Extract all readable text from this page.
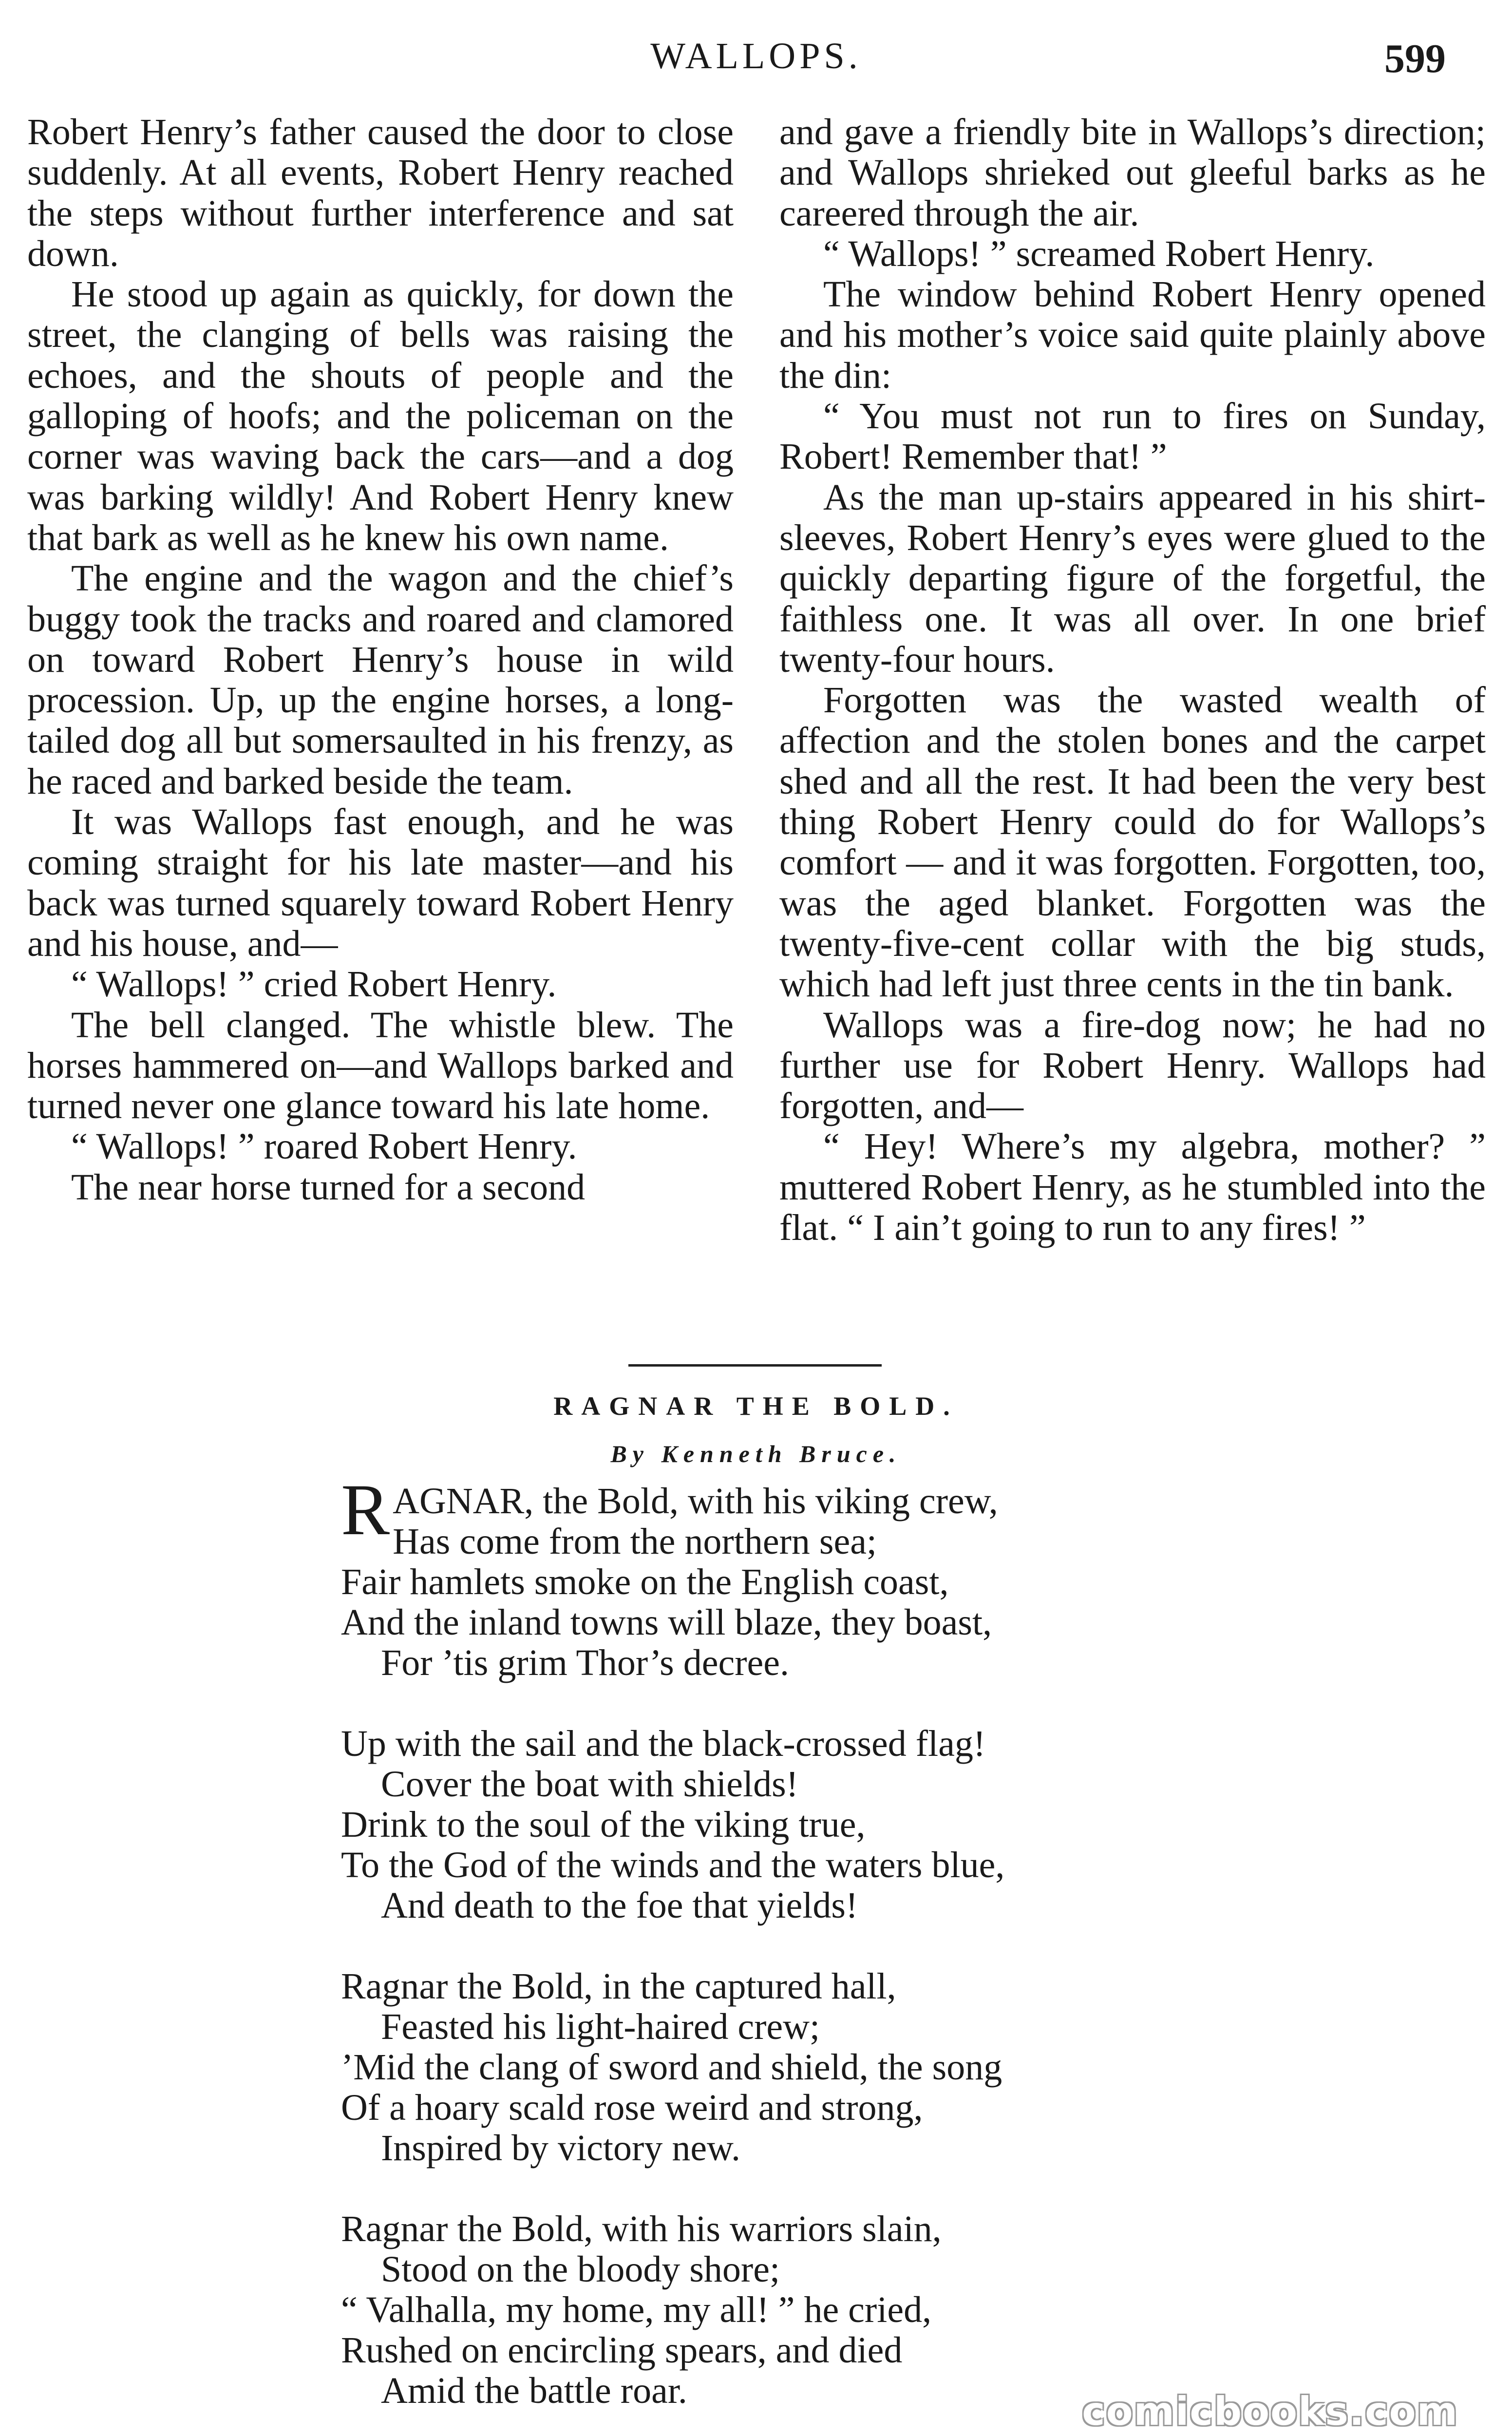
WALLOPS.	599

Robert Henry’s father caused the door to close suddenly. At all events, Robert Henry reached the steps without further interference and sat down.

He stood up again as quickly, for down the street, the clanging of bells was raising the echoes, and the shouts of people and the galloping of hoofs; and the policeman on the corner was waving back the cars—and a dog was barking wildly! And Robert Henry knew that bark as well as he knew his own name.

The engine and the wagon and the chief’s buggy took the tracks and roared and clamored on toward Robert Henry’s house in wild procession. Up, up the engine horses, a long-tailed dog all but somersaulted in his frenzy, as he raced and barked beside the team.

It was Wallops fast enough, and he was coming straight for his late master—and his back was turned squarely toward Robert Henry and his house, and—

“ Wallops! ” cried Robert Henry.

The bell clanged. The whistle blew. The horses hammered on—and Wallops barked and turned never one glance toward his late home.

“ Wallops! ” roared Robert Henry.

The near horse turned for a second

and gave a friendly bite in Wallops’s direction; and Wallops shrieked out gleeful barks as he careered through the air.

“ Wallops! ” screamed Robert Henry.

The window behind Robert Henry opened and his mother’s voice said quite plainly above the din:

“ You must not run to fires on Sunday, Robert! Remember that! ”

As the man up-stairs appeared in his shirt-sleeves, Robert Henry’s eyes were glued to the quickly departing figure of the forgetful, the faithless one. It was all over. In one brief twenty-four hours.

Forgotten was the wasted wealth of affection and the stolen bones and the carpet shed and all the rest. It had been the very best thing Robert Henry could do for Wallops’s comfort — and it was forgotten. Forgotten, too, was the aged blanket. Forgotten was the twenty-five-cent collar with the big studs, which had left just three cents in the tin bank.

Wallops was a fire-dog now; he had no further use for Robert Henry. Wallops had forgotten, and—

“ Hey! Where’s my algebra, mother? ” muttered Robert Henry, as he stumbled into the flat. “ I ain’t going to run to any fires! ”

RAGNAR THE BOLD.
By Kenneth Bruce.
R AGNAR, the Bold, with his viking crew,
Has come from the northern sea;
Fair hamlets smoke on the English coast,
And the inland towns will blaze, they boast,
For ’tis grim Thor’s decree.
Up with the sail and the black-crossed flag!
Cover the boat with shields!
Drink to the soul of the viking true,
To the God of the winds and the waters blue,
And death to the foe that yields!
Ragnar the Bold, in the captured hall,
Feasted his light-haired crew;
’Mid the clang of sword and shield, the song
Of a hoary scald rose weird and strong,
Inspired by victory new.
Ragnar the Bold, with his warriors slain,
Stood on the bloody shore;
“ Valhalla, my home, my all! ” he cried,
Rushed on encircling spears, and died
Amid the battle roar.	comicbooks.com
